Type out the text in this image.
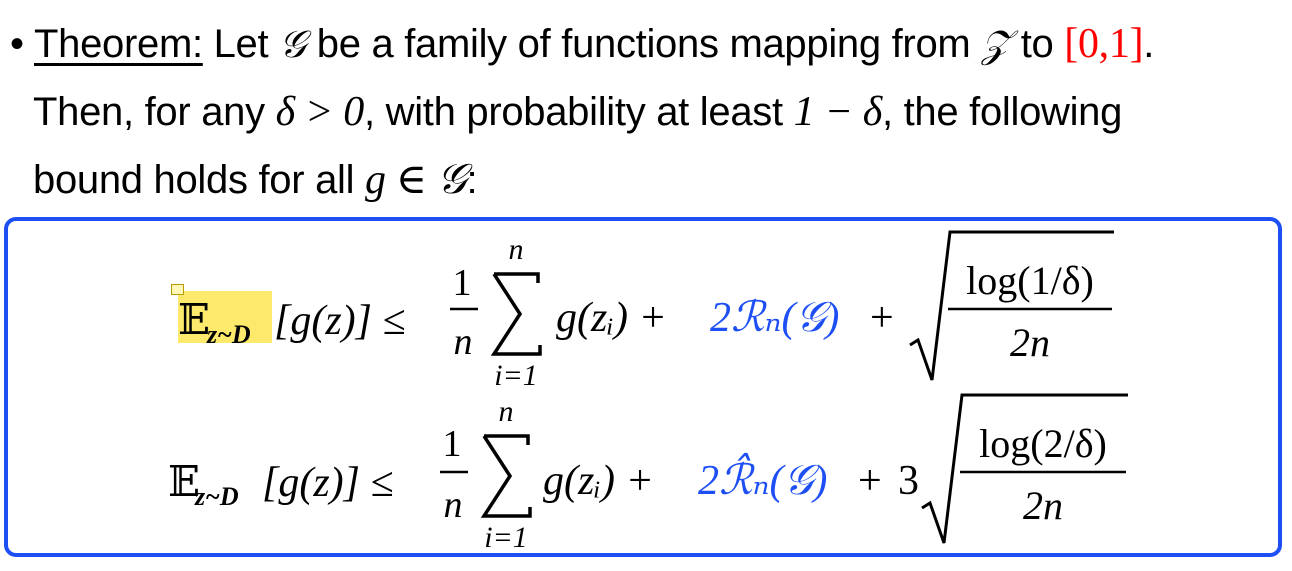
• Theorem: Let 𝒢 be a family of functions mapping from 𝒵 to [0,1].
Then, for any δ > 0, with probability at least 1 − δ, the following
bound holds for all g ∈ 𝒢:
𝔼
z~D [g(z)] ≤
1
n
n
i=1
g(zᵢ) + 2ℛₙ(𝒢) +
log(1/δ)
2n
𝔼
z~D [g(z)] ≤
1
n
n
i=1
g(zᵢ) + 2ℛ̂ₙ(𝒢) + 3
log(2/δ)
2n
